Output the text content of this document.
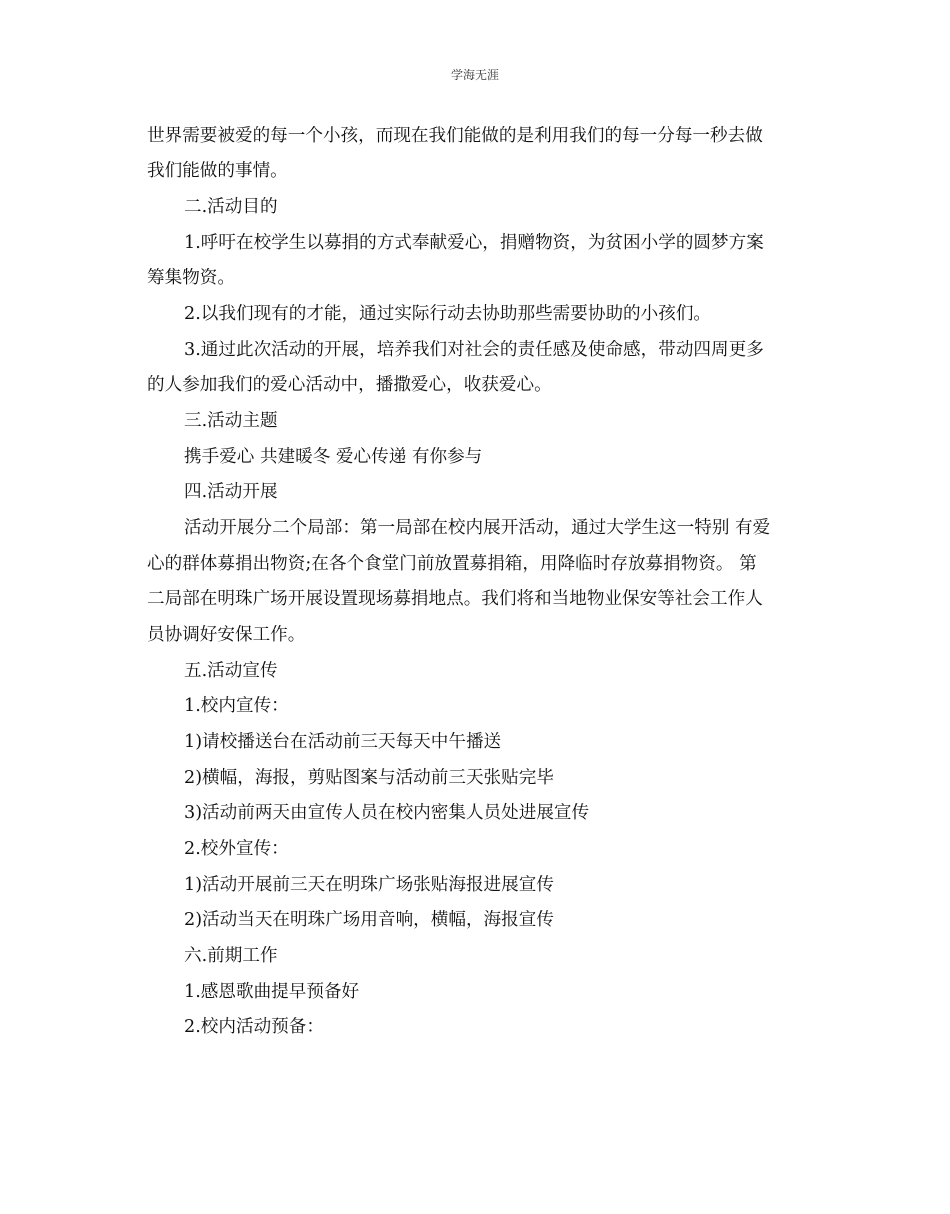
学海无涯
世界需要被爱的每一个小孩，而现在我们能做的是利用我们的每一分每一秒去做
我们能做的事情。
二.活动目的
1.呼吁在校学生以募捐的方式奉献爱心，捐赠物资，为贫困小学的圆梦方案
筹集物资。
2.以我们现有的才能，通过实际行动去协助那些需要协助的小孩们。
3.通过此次活动的开展，培养我们对社会的责任感及使命感，带动四周更多
的人参加我们的爱心活动中，播撒爱心，收获爱心。
三.活动主题
携手爱心 共建暖冬 爱心传递 有你参与
四.活动开展
活动开展分二个局部：第一局部在校内展开活动，通过大学生这一特别 有爱
心的群体募捐出物资;在各个食堂门前放置募捐箱，用降临时存放募捐物资。 第
二局部在明珠广场开展设置现场募捐地点。我们将和当地物业保安等社会工作人
员协调好安保工作。
五.活动宣传
1.校内宣传：
1)请校播送台在活动前三天每天中午播送
2)横幅，海报，剪贴图案与活动前三天张贴完毕
3)活动前两天由宣传人员在校内密集人员处进展宣传
2.校外宣传：
1)活动开展前三天在明珠广场张贴海报进展宣传
2)活动当天在明珠广场用音响，横幅，海报宣传
六.前期工作
1.感恩歌曲提早预备好
2.校内活动预备：
